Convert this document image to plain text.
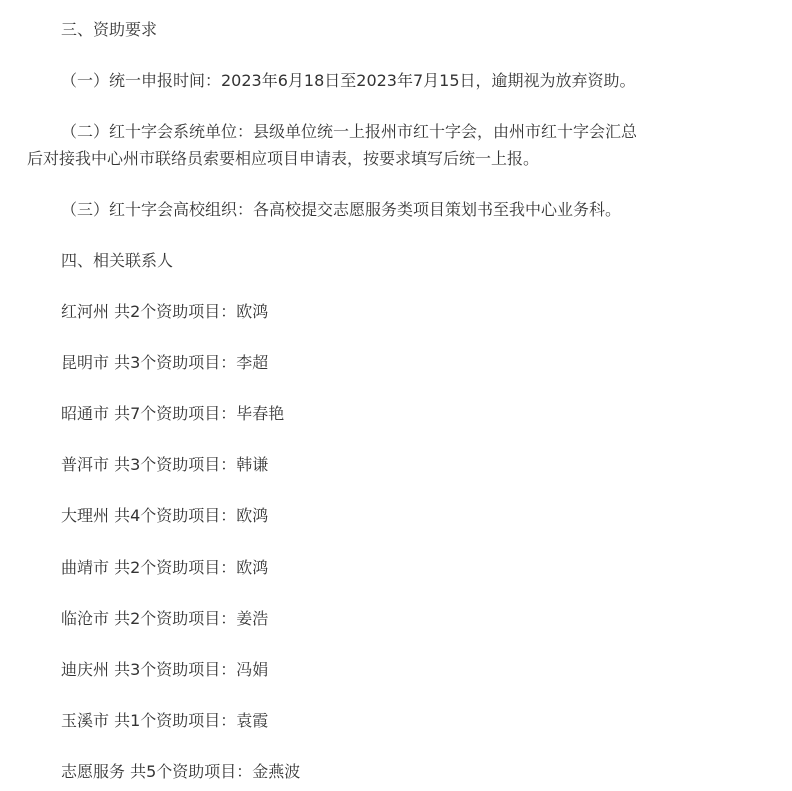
三、资助要求
（一）统一申报时间：2023年6月18日至2023年7月15日，逾期视为放弃资助。
（二）红十字会系统单位：县级单位统一上报州市红十字会，由州市红十字会汇总
后对接我中心州市联络员索要相应项目申请表，按要求填写后统一上报。
（三）红十字会高校组织：各高校提交志愿服务类项目策划书至我中心业务科。
四、相关联系人
红河州 共2个资助项目：欧鸿
昆明市 共3个资助项目：李超
昭通市 共7个资助项目：毕春艳
普洱市 共3个资助项目：韩谦
大理州 共4个资助项目：欧鸿
曲靖市 共2个资助项目：欧鸿
临沧市 共2个资助项目：姜浩
迪庆州 共3个资助项目：冯娟
玉溪市 共1个资助项目：袁霞
志愿服务 共5个资助项目：金燕波
